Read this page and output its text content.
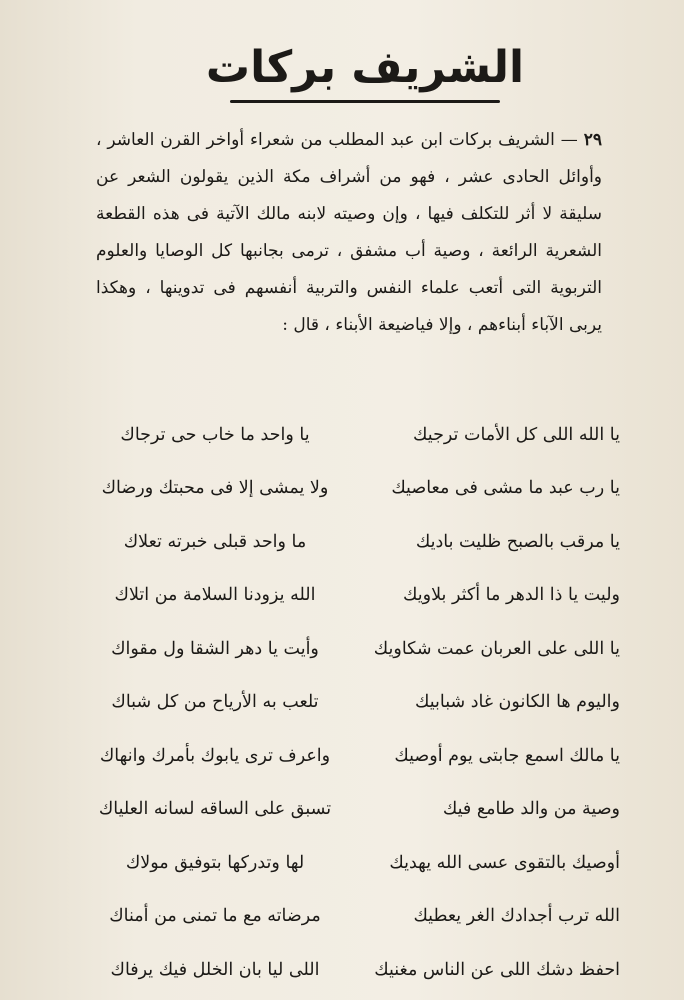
الشريف بركات

٢٩ — الشريف بركات ابن عبد المطلب من شعراء أواخر القرن العاشر ، وأوائل الحادى عشر ، فهو من أشراف مكة الذين يقولون الشعر عن سليقة لا أثر للتكلف فيها ، وإن وصيته لابنه مالك الآتية فى هذه القطعة الشعرية الرائعة ، وصية أب مشفق ، ترمى بجانبها كل الوصايا والعلوم التربوية التى أتعب علماء النفس والتربية أنفسهم فى تدوينها ، وهكذا يربى الآباء أبناءهم ، وإلا فياضيعة الأبناء ، قال :

يا الله اللى كل الأمات ترجيك
يا واحد ما خاب حى ترجاك
يا رب عبد ما مشى فى معاصيك
ولا يمشى إلا فى محبتك ورضاك
يا مرقب بالصبح ظليت باديك
ما واحد قبلى خبرته تعلاك
وليت يا ذا الدهر ما أكثر بلاويك
الله يزودنا السلامة من اتلاك
يا اللى على العربان عمت شكاويك
وأيت يا دهر الشقا ول مقواك
واليوم ها الكانون غاد شبابيك
تلعب به الأرياح من كل شباك
يا مالك اسمع جابتى يوم أوصيك
واعرف ترى يابوك بأمرك وانهاك
وصية من والد طامع فيك
تسبق على الساقه لسانه العلياك
أوصيك بالتقوى عسى الله يهديك
لها وتدركها بتوفيق مولاك
الله ترب أجدادك الغر يعطيك
مرضاته مع ما تمنى من أمناك
احفظ دشك اللى عن الناس مغنيك
اللى ليا بان الخلل فيك يرفاك
